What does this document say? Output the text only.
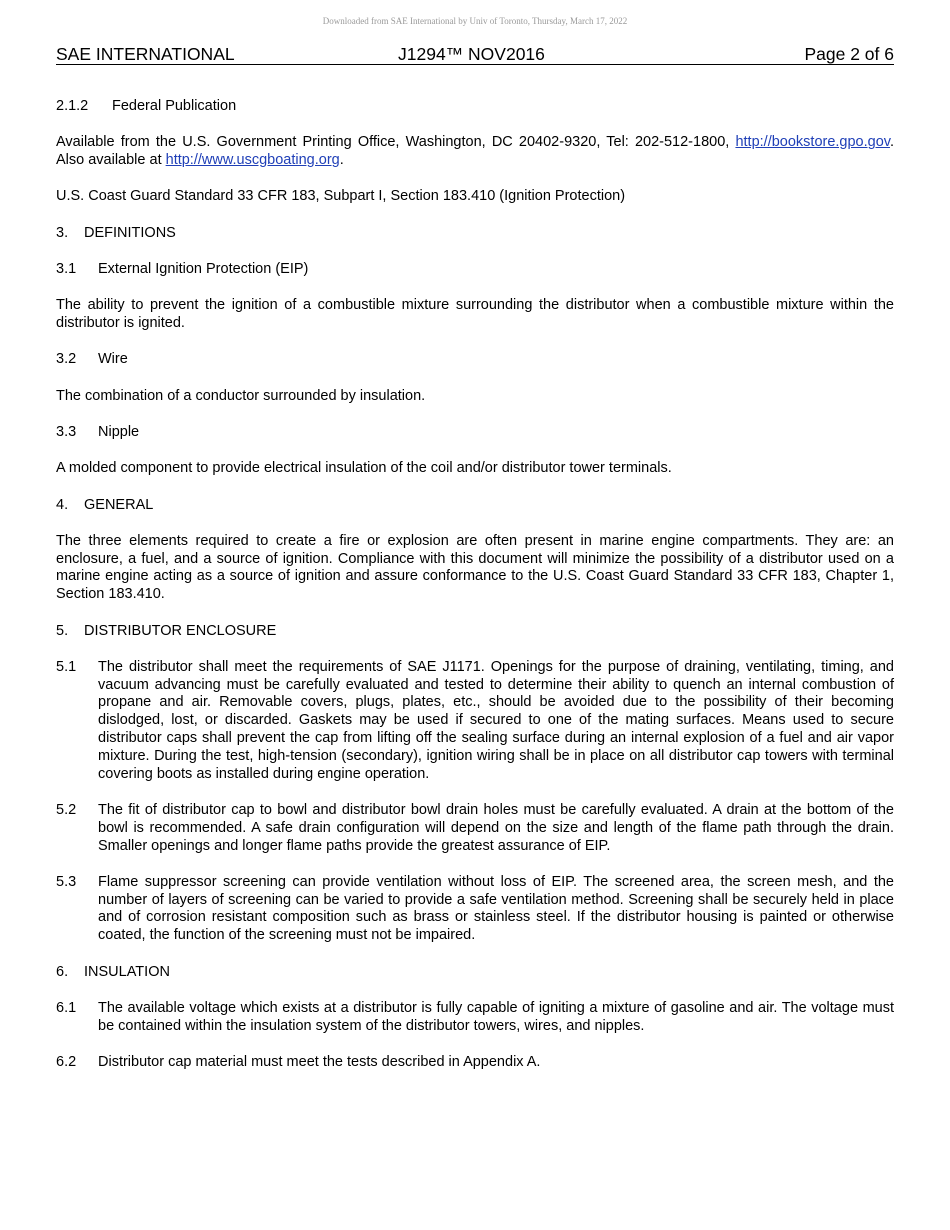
Downloaded from SAE International by Univ of Toronto, Thursday, March 17, 2022
SAE INTERNATIONAL	J1294™ NOV2016	Page 2 of 6
2.1.2 Federal Publication
Available from the U.S. Government Printing Office, Washington, DC 20402-9320, Tel: 202-512-1800, http://bookstore.gpo.gov. Also available at http://www.uscgboating.org.
U.S. Coast Guard Standard 33 CFR 183, Subpart I, Section 183.410 (Ignition Protection)
3. DEFINITIONS
3.1 External Ignition Protection (EIP)
The ability to prevent the ignition of a combustible mixture surrounding the distributor when a combustible mixture within the distributor is ignited.
3.2 Wire
The combination of a conductor surrounded by insulation.
3.3 Nipple
A molded component to provide electrical insulation of the coil and/or distributor tower terminals.
4. GENERAL
The three elements required to create a fire or explosion are often present in marine engine compartments. They are: an enclosure, a fuel, and a source of ignition. Compliance with this document will minimize the possibility of a distributor used on a marine engine acting as a source of ignition and assure conformance to the U.S. Coast Guard Standard 33 CFR 183, Chapter 1, Section 183.410.
5. DISTRIBUTOR ENCLOSURE
5.1	The distributor shall meet the requirements of SAE J1171. Openings for the purpose of draining, ventilating, timing, and vacuum advancing must be carefully evaluated and tested to determine their ability to quench an internal combustion of propane and air. Removable covers, plugs, plates, etc., should be avoided due to the possibility of their becoming dislodged, lost, or discarded. Gaskets may be used if secured to one of the mating surfaces. Means used to secure distributor caps shall prevent the cap from lifting off the sealing surface during an internal explosion of a fuel and air vapor mixture. During the test, high-tension (secondary), ignition wiring shall be in place on all distributor cap towers with terminal covering boots as installed during engine operation.
5.2	The fit of distributor cap to bowl and distributor bowl drain holes must be carefully evaluated. A drain at the bottom of the bowl is recommended. A safe drain configuration will depend on the size and length of the flame path through the drain. Smaller openings and longer flame paths provide the greatest assurance of EIP.
5.3	Flame suppressor screening can provide ventilation without loss of EIP. The screened area, the screen mesh, and the number of layers of screening can be varied to provide a safe ventilation method. Screening shall be securely held in place and of corrosion resistant composition such as brass or stainless steel. If the distributor housing is painted or otherwise coated, the function of the screening must not be impaired.
6. INSULATION
6.1	The available voltage which exists at a distributor is fully capable of igniting a mixture of gasoline and air. The voltage must be contained within the insulation system of the distributor towers, wires, and nipples.
6.2	Distributor cap material must meet the tests described in Appendix A.
